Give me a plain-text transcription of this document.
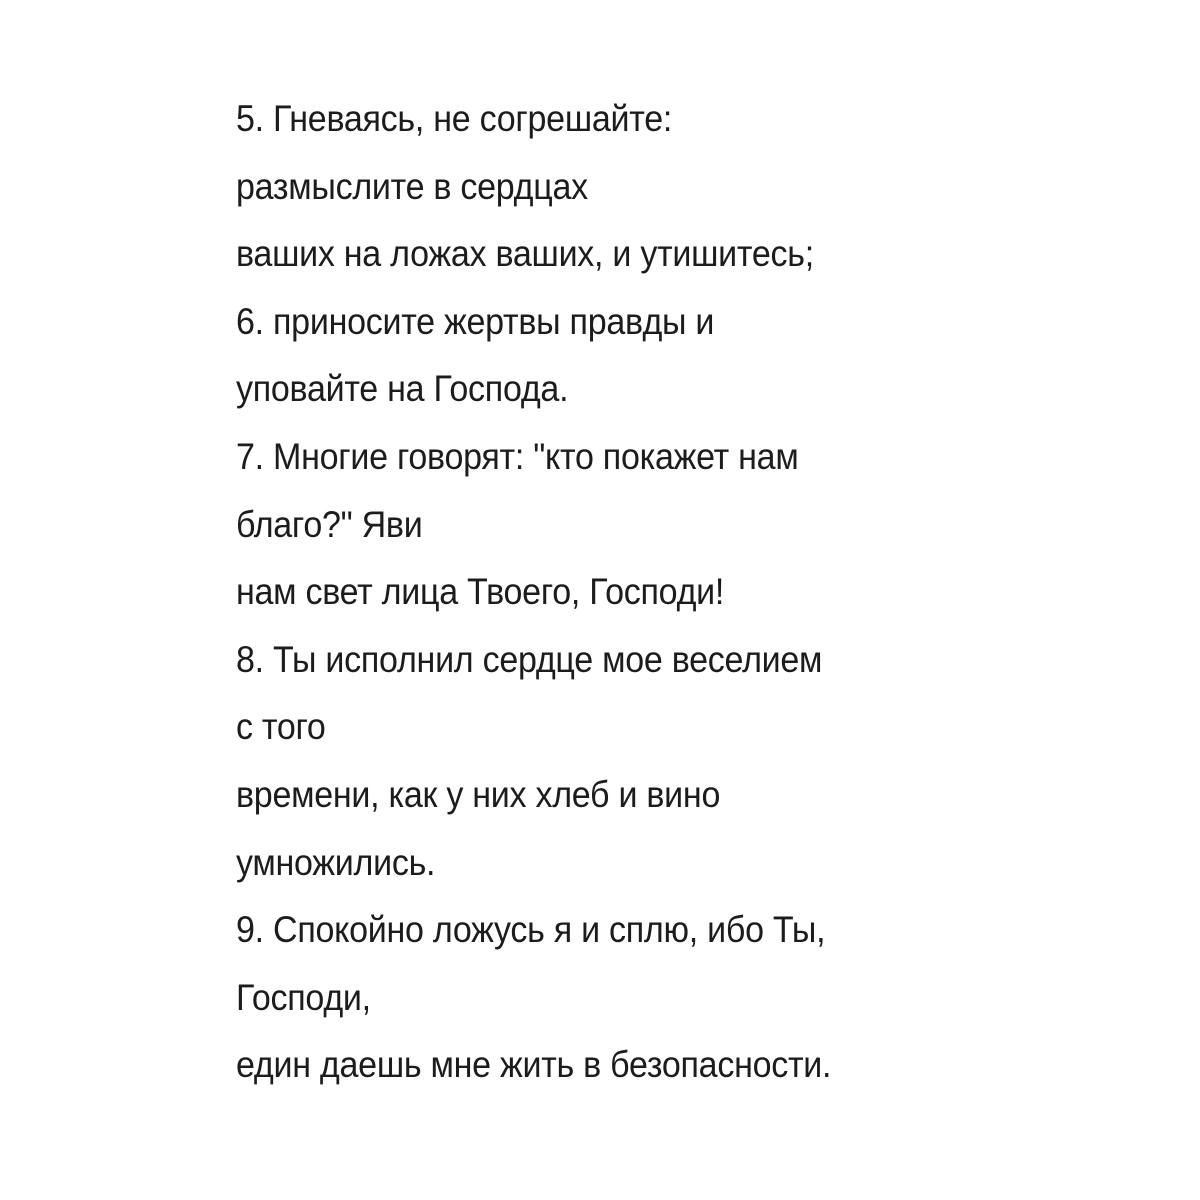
5. Гневаясь, не согрешайте:
размыслите в сердцах
ваших на ложах ваших, и утишитесь;
6. приносите жертвы правды и
уповайте на Господа.
7. Многие говорят: "кто покажет нам
благо?" Яви
нам свет лица Твоего, Господи!
8. Ты исполнил сердце мое веселием
с того
времени, как у них хлеб и вино
умножились.
9. Спокойно ложусь я и сплю, ибо Ты,
Господи,
един даешь мне жить в безопасности.
